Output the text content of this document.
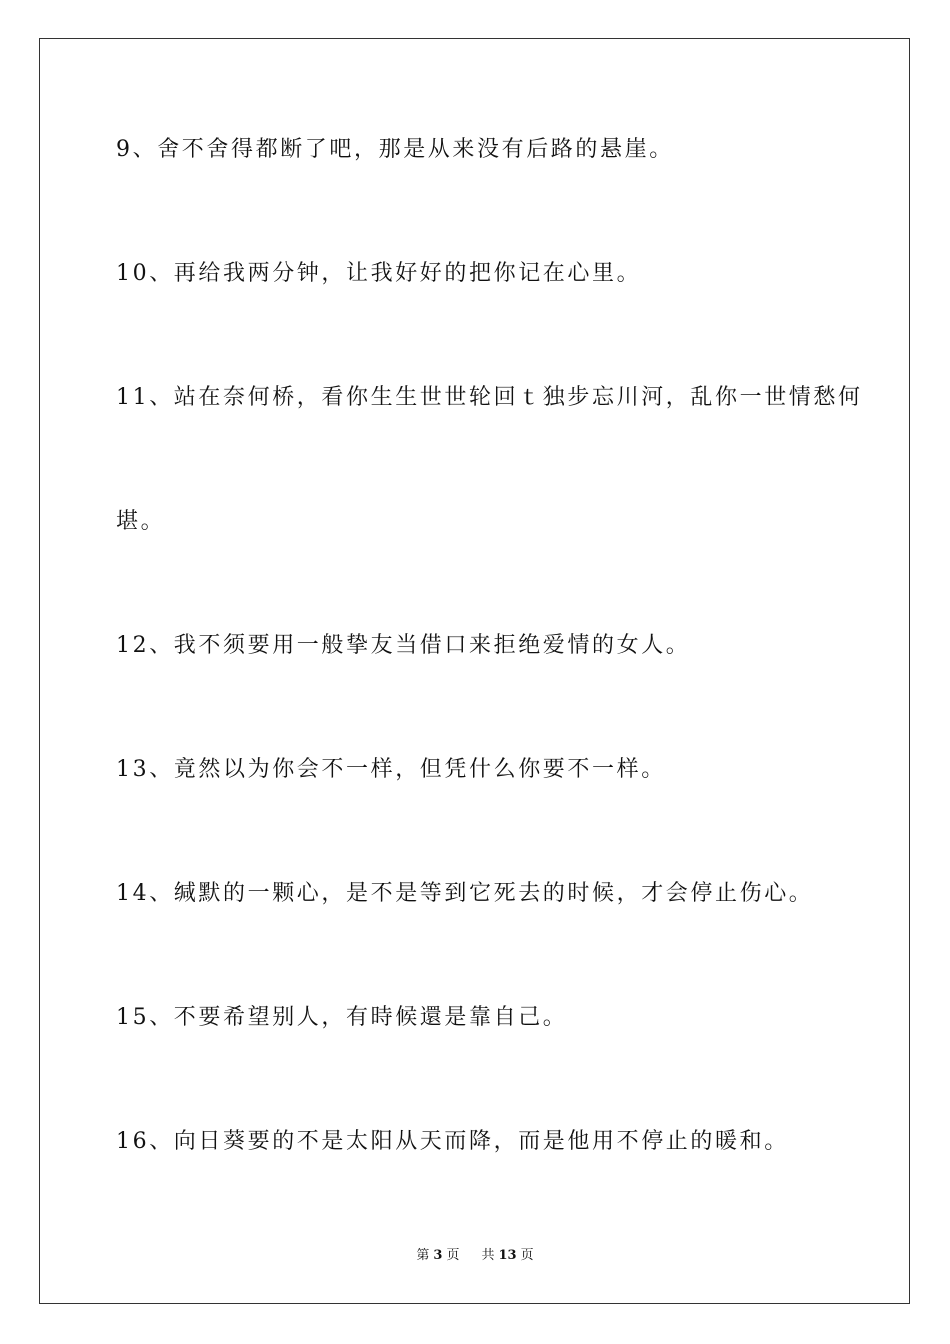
9、舍不舍得都断了吧，那是从来没有后路的悬崖。
10、再给我两分钟，让我好好的把你记在心里。
11、站在奈何桥，看你生生世世轮回ｔ独步忘川河，乱你一世情愁何
堪。
12、我不须要用一般挚友当借口来拒绝爱情的女人。
13、竟然以为你会不一样，但凭什么你要不一样。
14、缄默的一颗心，是不是等到它死去的时候，才会停止伤心。
15、不要希望别人，有時候還是靠自己。
16、向日葵要的不是太阳从天而降，而是他用不停止的暖和。
第 3 页 共 13 页
